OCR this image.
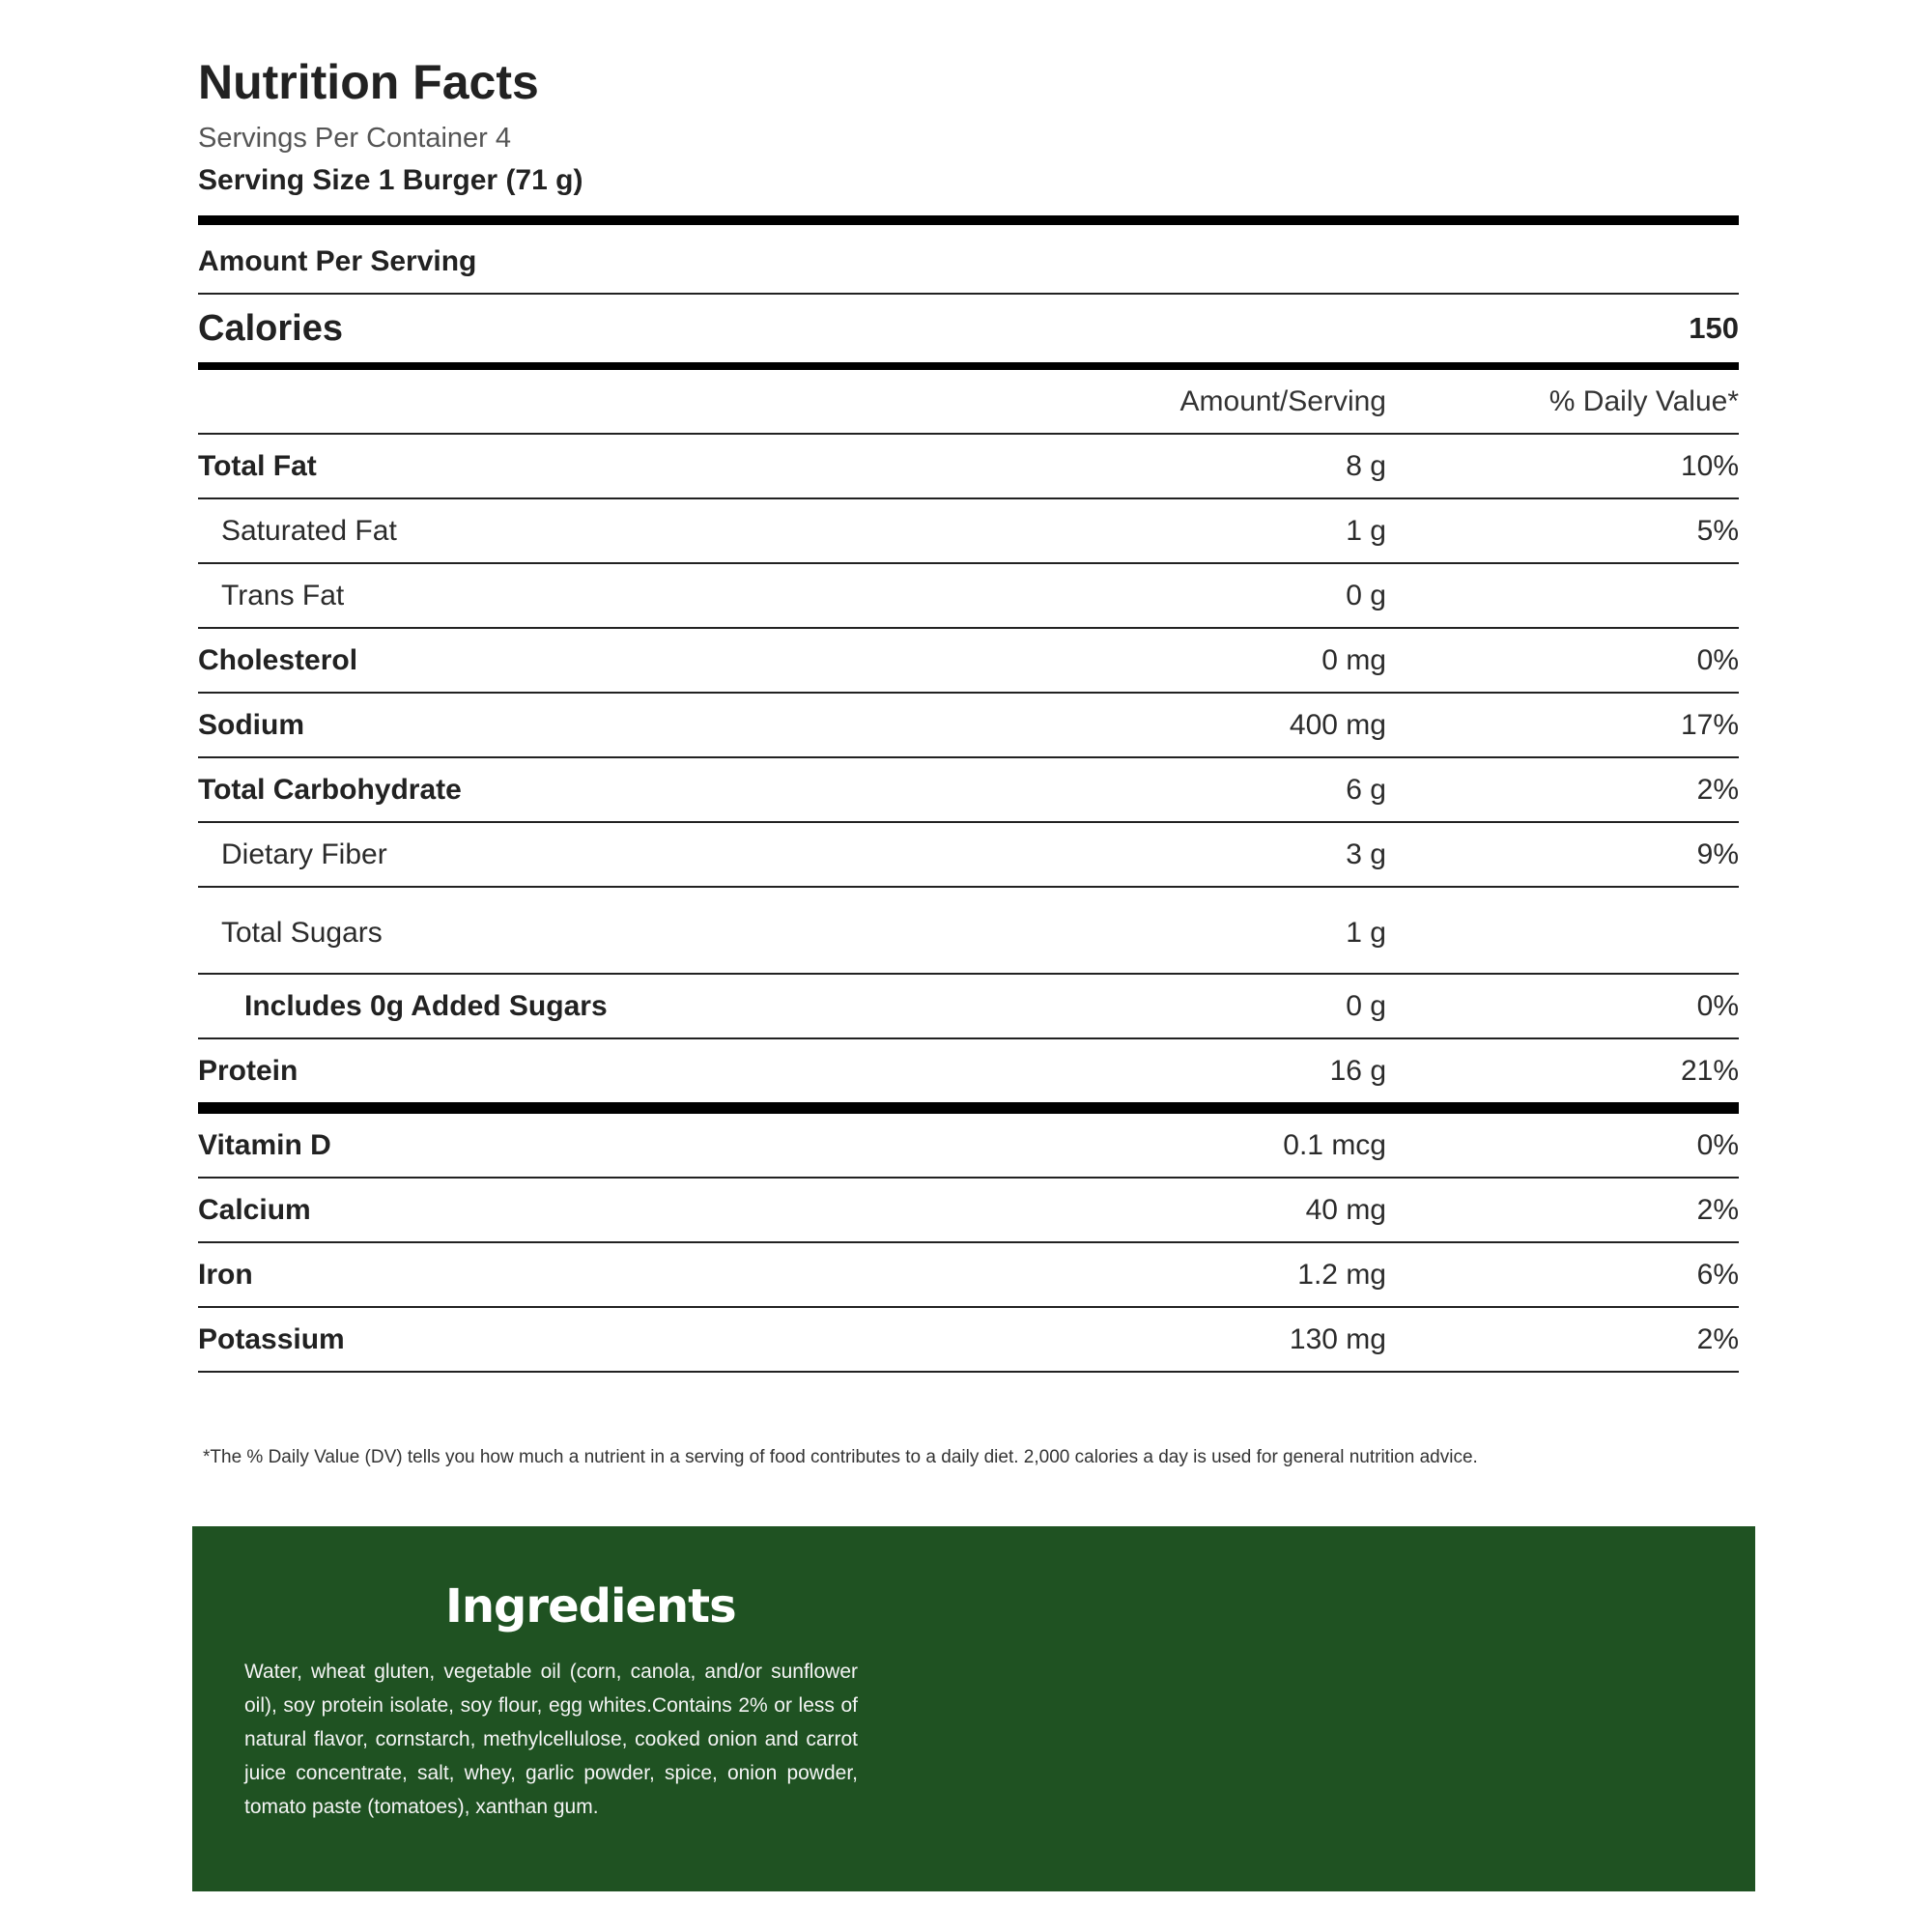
Nutrition Facts
Servings Per Container 4
Serving Size 1 Burger (71 g)
Amount Per Serving
Calories	150
	Amount/Serving	% Daily Value*
Total Fat	8 g	10%
Saturated Fat	1 g	5%
Trans Fat	0 g	
Cholesterol	0 mg	0%
Sodium	400 mg	17%
Total Carbohydrate	6 g	2%
Dietary Fiber	3 g	9%
Total Sugars	1 g	
Includes 0g Added Sugars	0 g	0%
Protein	16 g	21%
Vitamin D	0.1 mcg	0%
Calcium	40 mg	2%
Iron	1.2 mg	6%
Potassium	130 mg	2%
*The % Daily Value (DV) tells you how much a nutrient in a serving of food contributes to a daily diet. 2,000 calories a day is used for general nutrition advice.
Ingredients
Water, wheat gluten, vegetable oil (corn, canola, and/or sunflower oil), soy protein isolate, soy flour, egg whites.Contains 2% or less of natural flavor, cornstarch, methylcellulose, cooked onion and carrot juice concentrate, salt, whey, garlic powder, spice, onion powder, tomato paste (tomatoes), xanthan gum.
